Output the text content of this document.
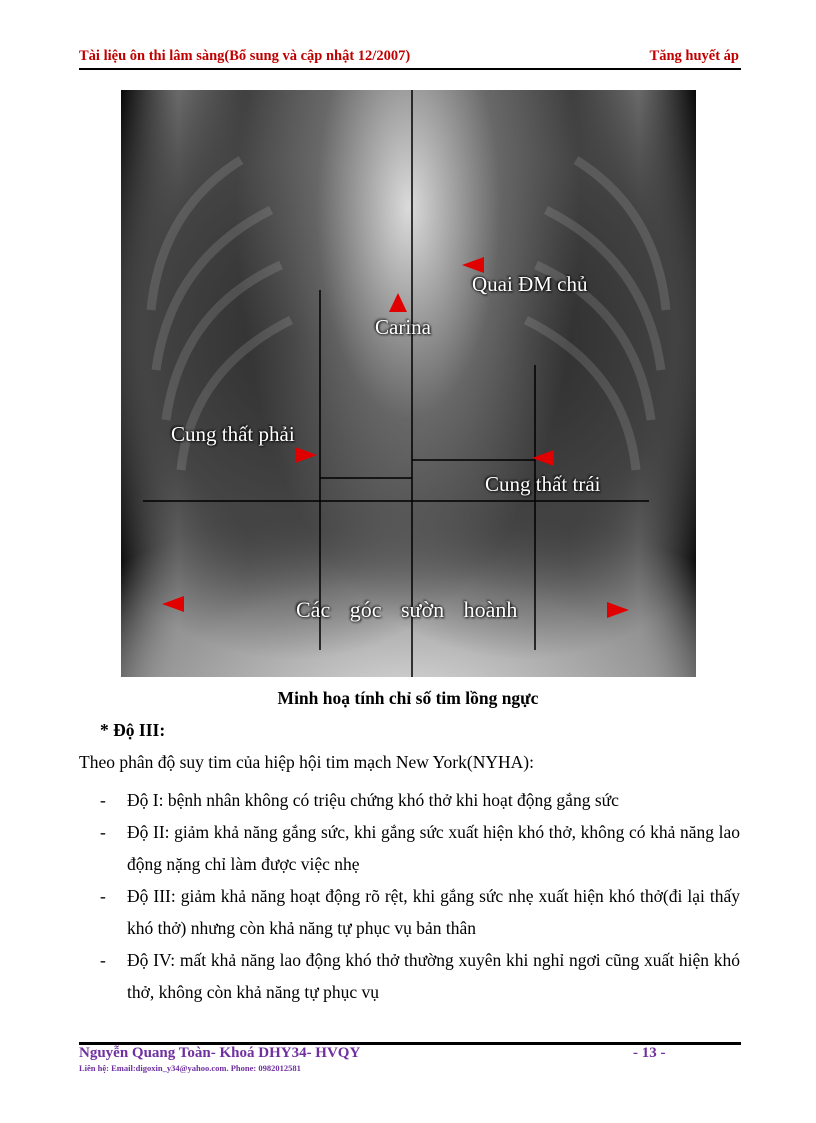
Tài liệu ôn thi lâm sàng(Bổ sung và cập nhật 12/2007)	Tăng huyết áp
Quai ĐM chủ
Carina
Cung thất phải
Cung thất trái
Các góc sườn hoành
Minh hoạ tính chỉ số tim lồng ngực
* Độ III:
Theo phân độ suy tim của hiệp hội tim mạch New York(NYHA):
- Độ I: bệnh nhân không có triệu chứng khó thở khi hoạt động gắng sức
- Độ II: giảm khả năng gắng sức, khi gắng sức xuất hiện khó thở, không có khả năng lao động nặng chỉ làm được việc nhẹ
- Độ III: giảm khả năng hoạt động rõ rệt, khi gắng sức nhẹ xuất hiện khó thở(đi lại thấy khó thở) nhưng còn khả năng tự phục vụ bản thân
- Độ IV: mất khả năng lao động khó thở thường xuyên khi nghỉ ngơi cũng xuất hiện khó thở, không còn khả năng tự phục vụ
Nguyễn Quang Toàn- Khoá DHY34- HVQY	- 13 -
Liên hệ: Email:digoxin_y34@yahoo.com. Phone: 0982012581
